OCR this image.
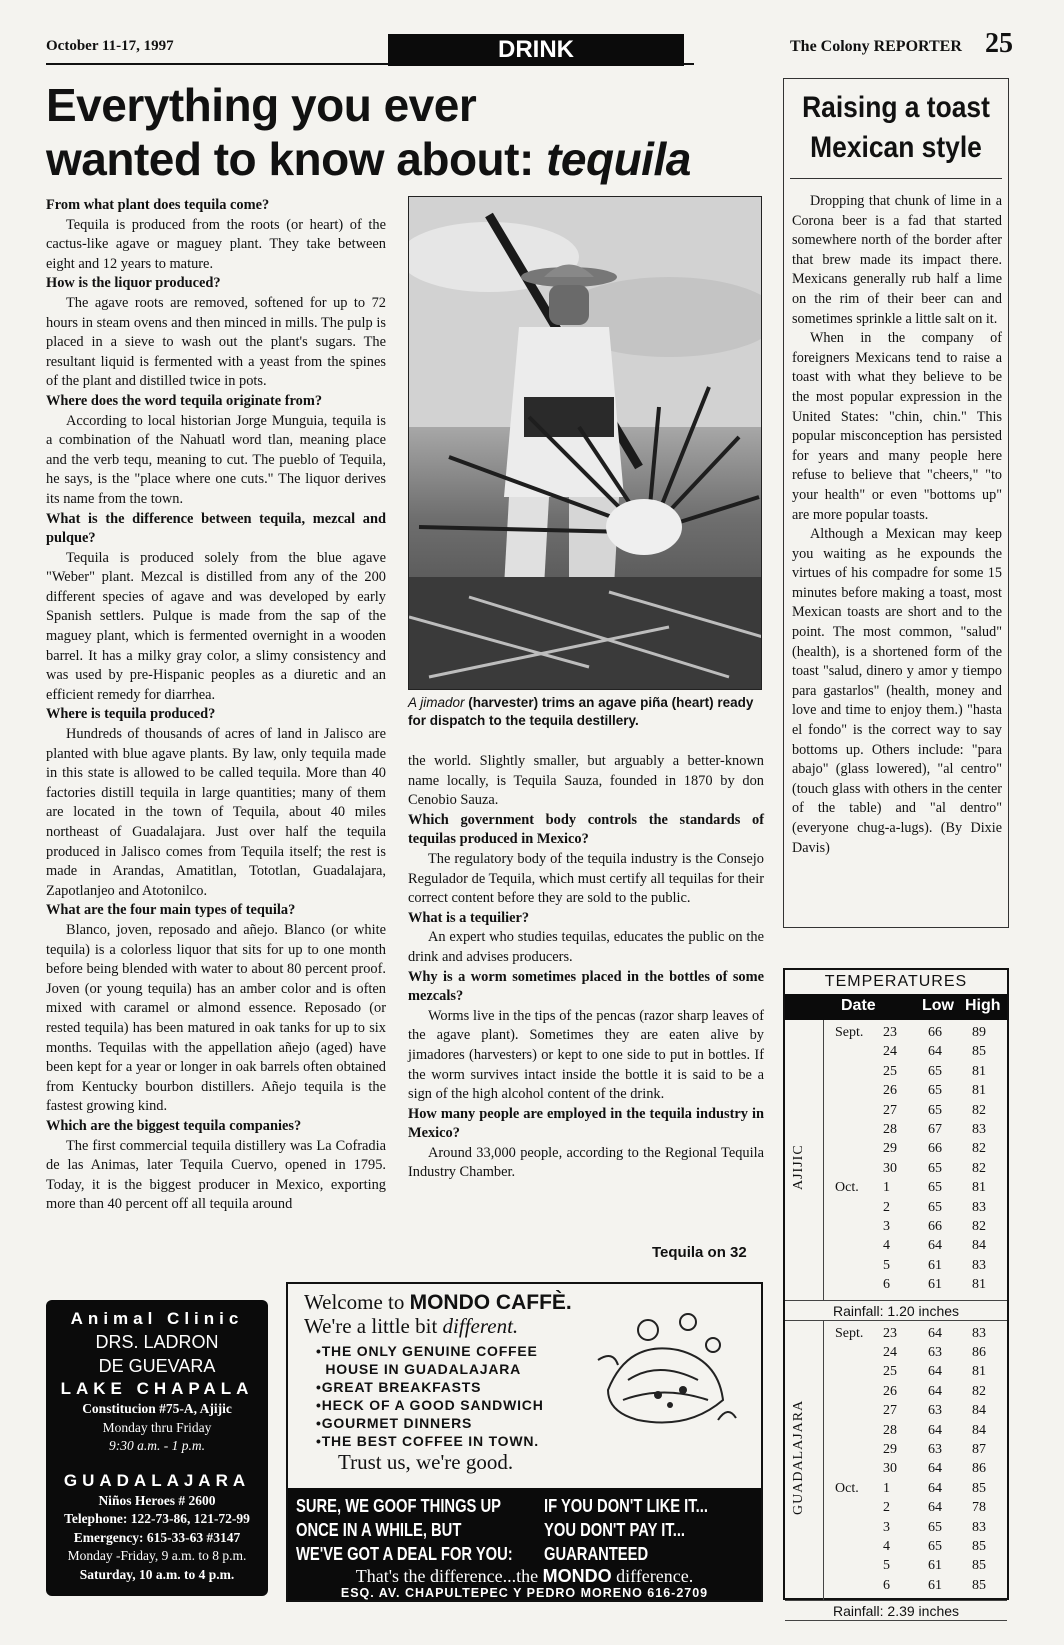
October 11-17, 1997	DRINK	The Colony REPORTER 25
Everything you ever
wanted to know about: tequila

From what plant does tequila come?

Tequila is produced from the roots (or heart) of the cactus-like agave or maguey plant. They take between eight and 12 years to mature.

How is the liquor produced?

The agave roots are removed, softened for up to 72 hours in steam ovens and then minced in mills. The pulp is placed in a sieve to wash out the plant's sugars. The resultant liquid is fermented with a yeast from the spines of the plant and distilled twice in pots.

Where does the word tequila originate from?

According to local historian Jorge Munguia, tequila is a combination of the Nahuatl word tlan, meaning place and the verb tequ, meaning to cut. The pueblo of Tequila, he says, is the "place where one cuts." The liquor derives its name from the town.

What is the difference between tequila, mezcal and pulque?

Tequila is produced solely from the blue agave "Weber" plant. Mezcal is distilled from any of the 200 different species of agave and was developed by early Spanish settlers. Pulque is made from the sap of the maguey plant, which is fermented overnight in a wooden barrel. It has a milky gray color, a slimy consistency and was used by pre-Hispanic peoples as a diuretic and an efficient remedy for diarrhea.

Where is tequila produced?

Hundreds of thousands of acres of land in Jalisco are planted with blue agave plants. By law, only tequila made in this state is allowed to be called tequila. More than 40 factories distill tequila in large quantities; many of them are located in the town of Tequila, about 40 miles northeast of Guadalajara. Just over half the tequila produced in Jalisco comes from Tequila itself; the rest is made in Arandas, Amatitlan, Tototlan, Guadalajara, Zapotlanjeo and Atotonilco.

What are the four main types of tequila?

Blanco, joven, reposado and añejo. Blanco (or white tequila) is a colorless liquor that sits for up to one month before being blended with water to about 80 percent proof. Joven (or young tequila) has an amber color and is often mixed with caramel or almond essence. Reposado (or rested tequila) has been matured in oak tanks for up to six months. Tequilas with the appellation añejo (aged) have been kept for a year or longer in oak barrels often obtained from Kentucky bourbon distillers. Añejo tequila is the fastest growing kind.

Which are the biggest tequila companies?

The first commercial tequila distillery was La Cofradia de las Animas, later Tequila Cuervo, opened in 1795. Today, it is the biggest producer in Mexico, exporting more than 40 percent off all tequila around

A jimador (harvester) trims an agave piña (heart) ready for dispatch to the tequila destillery.

the world. Slightly smaller, but arguably a better-known name locally, is Tequila Sauza, founded in 1870 by don Cenobio Sauza.

Which government body controls the standards of tequilas produced in Mexico?

The regulatory body of the tequila industry is the Consejo Regulador de Tequila, which must certify all tequilas for their correct content before they are sold to the public.

What is a tequilier?

An expert who studies tequilas, educates the public on the drink and advises producers.

Why is a worm sometimes placed in the bottles of some mezcals?

Worms live in the tips of the pencas (razor sharp leaves of the agave plant). Sometimes they are eaten alive by jimadores (harvesters) or kept to one side to put in bottles. If the worm survives intact inside the bottle it is said to be a sign of the high alcohol content of the drink.

How many people are employed in the tequila industry in Mexico?

Around 33,000 people, according to the Regional Tequila Industry Chamber.

Tequila on 32
Raising a toast
Mexican style

Dropping that chunk of lime in a Corona beer is a fad that started somewhere north of the border after that brew made its impact there. Mexicans generally rub half a lime on the rim of their beer can and sometimes sprinkle a little salt on it.

When in the company of foreigners Mexicans tend to raise a toast with what they believe to be the most popular expression in the United States: "chin, chin." This popular misconception has persisted for years and many people here refuse to believe that "cheers," "to your health" or even "bottoms up" are more popular toasts.

Although a Mexican may keep you waiting as he expounds the virtues of his compadre for some 15 minutes before making a toast, most Mexican toasts are short and to the point. The most common, "salud" (health), is a shortened form of the toast "salud, dinero y amor y tiempo para gastarlos" (health, money and love and time to enjoy them.) "hasta el fondo" is the correct way to say bottoms up. Others include: "para abajo" (glass lowered), "al centro" (touch glass with others in the center of the table) and "al dentro" (everyone chug-a-lugs). (By Dixie Davis)

TEMPERATURES
Date	Low High
AJIJIC
Sept. 23 66 89
24 64 85
25 65 81
26 65 81
27 65 82
28 67 83
29 66 82
30 65 82
Oct. 1	65 81
2	65 83
3	66 82
4	64 84
5	61 83
6	61 81
Rainfall: 1.20 inches
GUADALAJARA
Sept. 23 64 83
24 63 86
25 64 81
26 64 82
27 63 84
28 64 84
29 63 87
30 64 86
Oct. 1	64 85
2	64 78
3	65 83
4	65 85
5	61 85
6	61 85
Rainfall: 2.39 inches
Animal Clinic
DRS. LADRON
DE GUEVARA
LAKE CHAPALA
Constitucion #75-A, Ajijic
Monday thru Friday
9:30 a.m. - 1 p.m.
GUADALAJARA
Niños Heroes # 2600
Telephone: 122-73-86, 121-72-99
Emergency: 615-33-63 #3147
Monday -Friday, 9 a.m. to 8 p.m.
Saturday, 10 a.m. to 4 p.m.
Welcome to MONDO CAFFÈ.
We're a little bit different.
•THE ONLY GENUINE COFFEE
HOUSE IN GUADALAJARA
•GREAT BREAKFASTS
•HECK OF A GOOD SANDWICH
•GOURMET DINNERS
•THE BEST COFFEE IN TOWN.
Trust us, we're good.
SURE, WE GOOF THINGS UP
ONCE IN A WHILE, BUT
WE'VE GOT A DEAL FOR YOU:
IF YOU DON'T LIKE IT...
YOU DON'T PAY IT...
GUARANTEED
That's the difference...the MONDO difference.
ESQ. AV. CHAPULTEPEC Y PEDRO MORENO 616-2709
